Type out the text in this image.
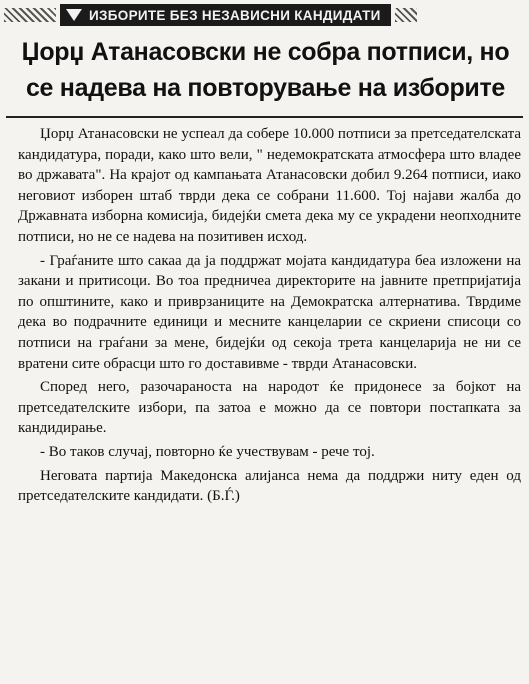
ИЗБОРИТЕ БЕЗ НЕЗАВИСНИ КАНДИДАТИ
Џорџ Атанасовски не собра потписи, но се надева на повторување на изборите

Џорџ Атанасовски не успеал да собере 10.000 потписи за претседателската кандидатура, поради, како што вели, " недемократската атмосфера што владее во државата". На крајот од кампањата Атанасовски добил 9.264 потписи, иако неговиот изборен штаб тврди дека се собрани 11.600. Тој најави жалба до Државната изборна комисија, бидејќи смета дека му се украдени неопходните потписи, но не се надева на позитивен исход.

- Граѓаните што сакаа да ја поддржат мојата кандидатура беа изложени на закани и притисоци. Во тоа предничеа директорите на јавните претпријатија по општините, како и приврзаниците на Демократска алтернатива. Тврдиме дека во подрачните единици и месните канцеларии се скриени списоци со потписи на граѓани за мене, бидејќи од секоја трета канцеларија не ни се вратени сите обрасци што го доставивме - тврди Атанасовски.

Според него, разочараноста на народот ќе придонесе за бојкот на претседателските избори, па затоа е можно да се повтори постапката за кандидирање.

- Во таков случај, повторно ќе учествувам - рече тој.

Неговата партија Македонска алијанса нема да поддржи ниту еден од претседателските кандидати. (Б.Ѓ.)
